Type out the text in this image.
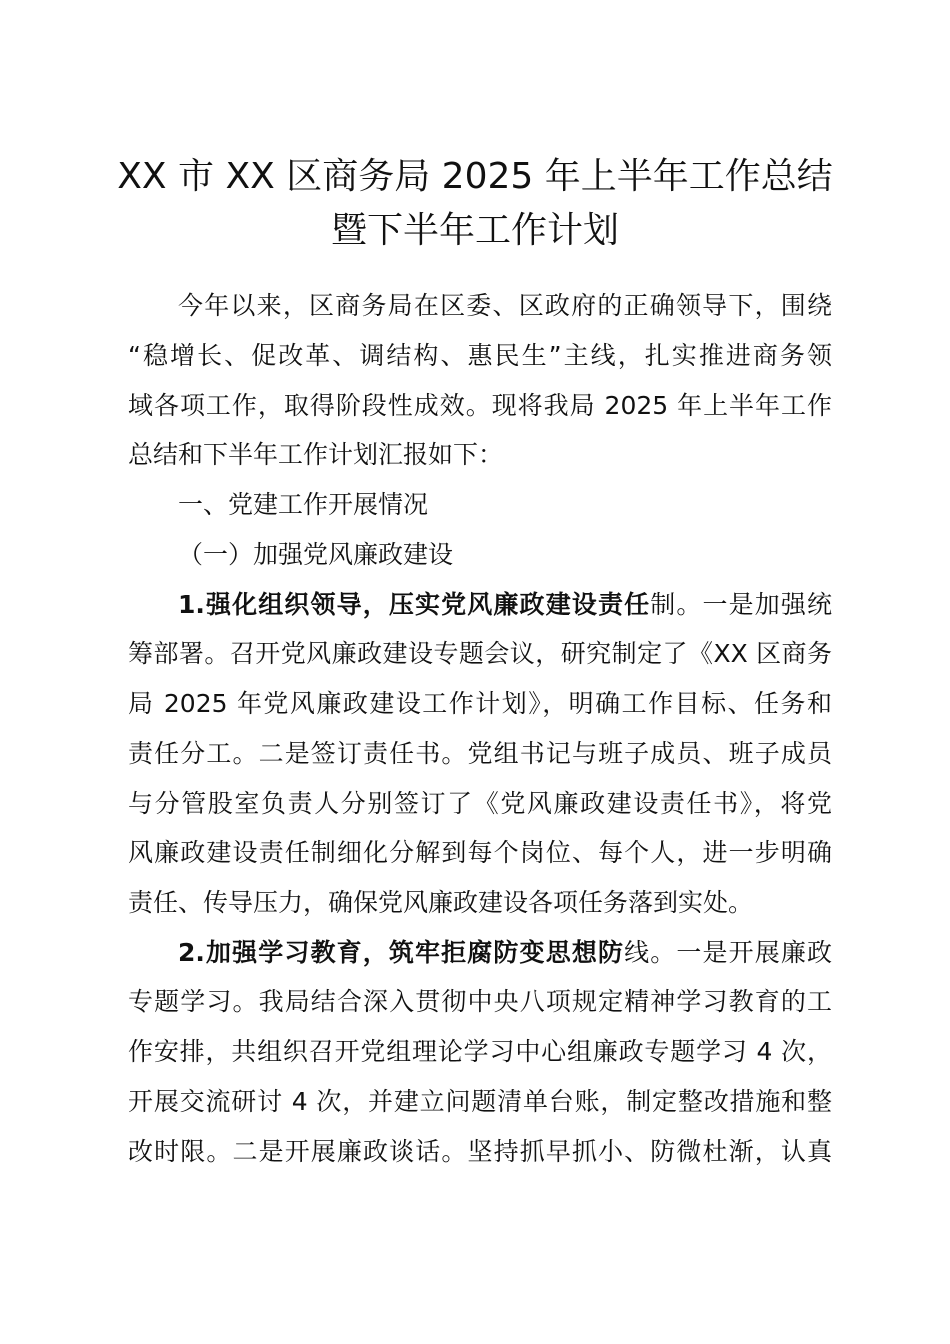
XX 市 XX 区商务局 2025 年上半年工作总结
暨下半年工作计划
今年以来，区商务局在区委、区政府的正确领导下，围绕
“稳增长、促改革、调结构、惠民生”主线，扎实推进商务领
域各项工作，取得阶段性成效。现将我局 2025 年上半年工作
总结和下半年工作计划汇报如下：
一、党建工作开展情况
（一）加强党风廉政建设
1.强化组织领导，压实党风廉政建设责任制。一是加强统
筹部署。召开党风廉政建设专题会议，研究制定了《XX 区商务
局 2025 年党风廉政建设工作计划》，明确工作目标、任务和
责任分工。二是签订责任书。党组书记与班子成员、班子成员
与分管股室负责人分别签订了《党风廉政建设责任书》，将党
风廉政建设责任制细化分解到每个岗位、每个人，进一步明确
责任、传导压力，确保党风廉政建设各项任务落到实处。
2.加强学习教育，筑牢拒腐防变思想防线。一是开展廉政
专题学习。我局结合深入贯彻中央八项规定精神学习教育的工
作安排，共组织召开党组理论学习中心组廉政专题学习 4 次，
开展交流研讨 4 次，并建立问题清单台账，制定整改措施和整
改时限。二是开展廉政谈话。坚持抓早抓小、防微杜渐，认真
